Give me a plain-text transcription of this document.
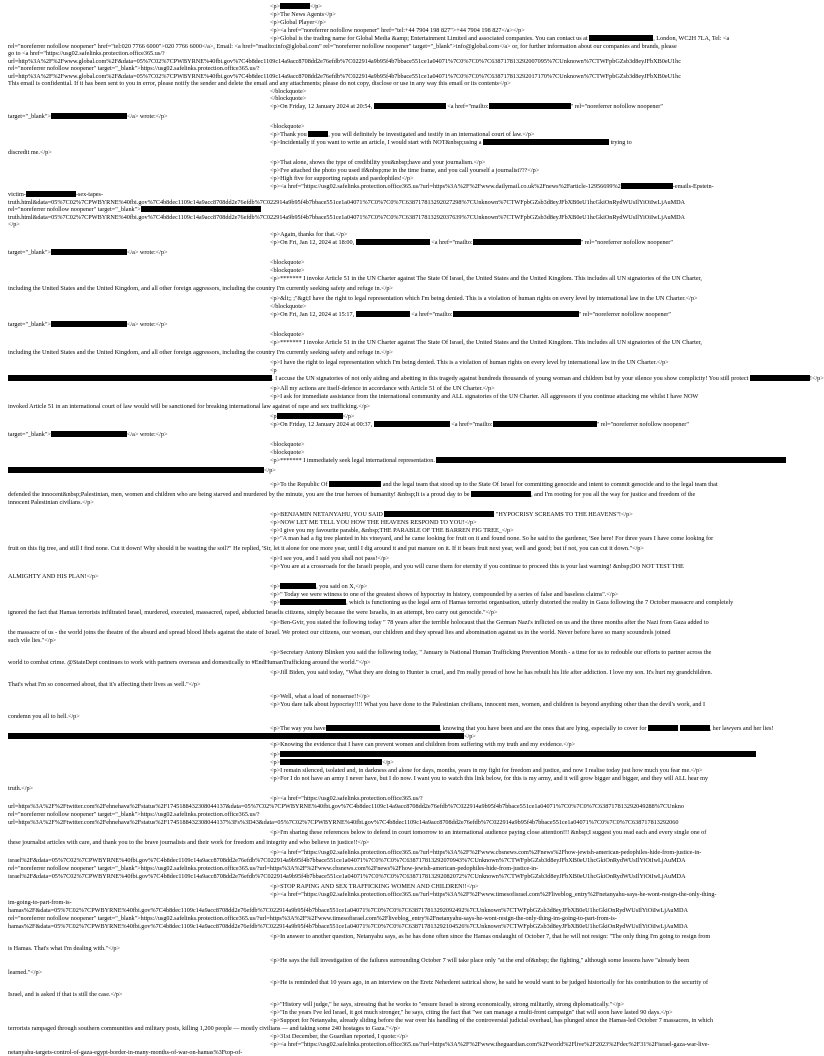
<p>	</p>
<p>The News Agents</p>
<p>Global Player</p>
<p><a href="noreferrer nofollow noopener" href="tel:+44 7904 198 827">+44 7904 198 827</a></p>
<p>Global is the trading name for Global Media &amp; Entertainment Limited and associated companies. You can contact us at	, London, WC2H 7LA, Tel: <a
rel="noreferrer nofollow noopener" href="tel:020 7766 6000">020 7766 6000</a>, Email: <a href="mailto:info@global.com" rel="noreferrer nofollow noopener" target="_blank">info@global.com</a> or, for further information about our companies and brands, please
go to <a href="https://usg02.safelinks.protection.office365.us/?
url=http%3A%2F%2Fwww.global.com%2F&data=05%7C02%7CPWBYRNE%40fbi.gov%7C4b8dec1109c14a9acc8708dd2e76efdb%7C022914a9b95f4b7bbace551ce1a04071%7C0%7C0%7C638717813292007095%7CUnknown%7CTWFpbGZsb3d8eyJFbXB0eU1hc
rel="noreferrer nofollow noopener" target="_blank">https://usg02.safelinks.protection.office365.us/?
url=http%3A%2F%2Fwww.global.com%2F&data=05%7C02%7CPWBYRNE%40fbi.gov%7C4b8dec1109c14a9acc8708dd2e76efdb%7C022914a9b95f4b7bbace551ce1a04071%7C0%7C0%7C638717813292017170%7CUnknown%7CTWFpbGZsb3d8eyJFbXB0eU1hc
This email is confidential. If it has been sent to you in error, please notify the sender and delete the email and any attachments; please do not copy, disclose or use in any way this email or its contents</p>
</blockquote>
</blockquote>
<p>On Friday, 12 January 2024 at 20:54,	<a href="mailto:	" rel="noreferrer nofollow noopener"
target="_blank">	</a> wrote:</p>
<blockquote>
<p>Thank you	, you will definitely be investigated and testify in an international court of law.</p>
<p>Incidentally if you want to write an article, I would start with NOT&nbsp;using a	trying to
discredit me.</p>
<p>That alone, shows the type of credibility you&nbsp;have and your journalism.</p>
<p>I've attached the photo you used if&nbsp;me in the time frame, and you call yourself a journalist???</p>
<p>High five for supporting rapists and paedophiles!</p>
<p><a href="https://usg02.safelinks.protection.office365.us/?url=https%3A%2F%2Fwww.dailymail.co.uk%2Fnews%2Farticle-12956699%2	-emails-Epstein-
victim-	-sex-tapes-
truth.html&data=05%7C02%7CPWBYRNE%40fbi.gov%7C4b8dec1109c14a9acc8708dd2e76efdb%7C022914a9b95f4b7bbace551ce1a04071%7C0%7C0%7C638717813292027298%7CUnknown%7CTWFpbGZsb3d8eyJFbXB0eU1hcGkiOnRydWUsIlYiOiIwLjAuMDA
rel="noreferrer nofollow noopener" target="_blank">
truth.html&data=05%7C02%7CPWBYRNE%40fbi.gov%7C4b8dec1109c14a9acc8708dd2e76efdb%7C022914a9b95f4b7bbace551ce1a04071%7C0%7C0%7C638717813292037639%7CUnknown%7CTWFpbGZsb3d8eyJFbXB0eU1hcGkiOnRydWUsIlYiOiIwLjAuMDA
</p>
<p>Again, thanks for that.</p>
<p>On Fri, Jan 12, 2024 at 18:00,	<a href="mailto:	" rel="noreferrer nofollow noopener"
target="_blank">	</a> wrote:</p>
<blockquote>
<blockquote>
<p>******* I invoke Article 51 in the UN Charter against The State Of Israel, the United States and the United Kingdom. This includes all UN signatories of the UN Charter,
including the United States and the United Kingdom, and all other foreign aggressors, including the country I'm currently seeking safety and refuge in.</p>
<p>&lt;; ;"&gt;I have the right to legal representation which I'm being denied. This is a violation of human rights on every level by international law in the UN Charter.</p>
</blockquote>
<p>On Fri, Jan 12, 2024 at 15:17,	<a href="mailto:	" rel="noreferrer nofollow noopener"
target="_blank">	</a> wrote:</p>
<blockquote>
<p>******* I invoke Article 51 in the UN Charter against The State Of Israel, the United States and the United Kingdom. This includes all UN signatories of the UN Charter,
including the United States and the United Kingdom, and all other foreign aggressors, including the country I'm currently seeking safety and refuge in.</p>
<p>I have the right to legal representation which I'm being denied. This is a violation of human rights on every level by international law in the UN Charter.</p>
<p
. I accuse the UN signatories of not only aiding and abetting in this tragedy against hundreds thousands of young woman and children but by your silence you show complicity! You still protect	!</p>
<p>All my actions are itself-defence in accordance with Article 51 of the UN Charter.</p>
<p>I ask for immediate assistance from the international community and ALL signatories of the UN Charter. All aggressors if you continue attacking me whilst I have NOW
invoked Article 51 in an international court of law would will be sanctioned for breaking international law against of rape and sex trafficking.</p>
<p	</p>
<p>On Friday, 12 January 2024 at 00:37,	<a href="mailto:	" rel="noreferrer nofollow noopener"
target="_blank">	</a> wrote:</p>
<blockquote>
<blockquote>
<p>******* I immediately seek legal international representation.
</p>
<p>To the Republic Of	and the legal team that stood up to the State Of Israel for committing genocide and intent to commit genocide and to the legal team that
defended the innocent&nbsp;Palestinian, men, women and children who are being starved and murdered by the minute, you are the true heroes of humanity! &nbsp;It is a proud day to be	, and I'm rooting for you all the way for justice and freedom of the
innocent Palestinian civilians.</p>
<p>BENJAMIN NETANYAHU, YOU SAID	"HYPOCRISY SCREAMS TO THE HEAVENS"!</p>
<p>NOW LET ME TELL YOU HOW THE HEAVENS RESPOND TO YOU!</p>
<p>I give you my favourite parable, &nbsp;THE PARABLE OF THE BARREN FIG TREE_</p>
<p>"A man had a fig tree planted in his vineyard, and he came looking for fruit on it and found none. So he said to the gardener, 'See here! For three years I have come looking for
fruit on this fig tree, and still I find none. Cut it down! Why should it be wasting the soil?" He replied, 'Sir, let it alone for one more year, until I dig around it and put manure on it. If it bears fruit next year, well and good; but if not, you can cut it down."</p>
<p>I see you, and I said you shall not pass!</p>
<p>You are at a crossroads for the Israeli people, and you will curse them for eternity if you continue to proceed this is your last warning! &nbsp;DO NOT TEST THE
ALMIGHTY AND HIS PLAN!</p>
<p>	, you said on X,</p>
<p>" Today we were witness to one of the greatest shows of hypocrisy in history, compounded by a series of false and baseless claims".</p>
<p>	, which is functioning as the legal arm of Hamas terrorist organisation, utterly distorted the reality in Gaza following the 7 October massacre and completely
ignored the fact that Hamas terrorists infiltrated Israel, murdered, executed, massacred, raped, abducted Israelis citizens, simply because the were Israelis, in an attempt, bro carry out genocide."</p>
<p>Ben-Gvir, you stated the following today " 78 years after the terrible holocaust that the German Nazi's inflicted on us and the three months after the Nazi from Gaza added to
the massacre of us - the world joins the theatre of the absurd and spread blood libels against the state of Israel. We protect our citizens, our woman, our children and they spread lies and abomination against us in the world. Never before have so many scoundrels joined
such vile lies."</p>
<p>Secretary Antony Blinken you said the following today, " January is National Human Trafficking Prevention Month - a time for us to redouble our efforts to partner across the
world to combat crime. @StateDept continues to work with partners overseas and domestically to #EndHumanTrafficking around the world."</p>
<p>Jill Biden, you said today, "What they are doing to Hunter is cruel, and I'm really proud of how he has rebuilt his life after addiction. I love my son. It's hurt my grandchildren.
That's what I'm so concerned about, that it's affecting their lives as well."</p>
<p>Well, what a load of nonsense!!</p>
<p>You dare talk about hypocrisy!!!! What you have done to the Palestinian civilians, innocent men, women, and children is beyond anything other than the devil's work, and I
condemn you all to hell.</p>
<p>The way you have	, knowing that you have been and are the ones that are lying, especially to cover for	, her lawyers and her lies!
</p>
<p>Knowing the evidence that I have can prevent women and children from suffering with my truth and my evidence.</p>
<p>
<p>	</p>
<p>I remain silenced, isolated and, in darkness and alone for days, months, years in my fight for freedom and justice, and now I realise today just how much you fear me.</p>
<p>For I do not have an army I never have, but I do now. I want you to watch this link below, for this is my army, and it will grow bigger and bigger, and they will ALL hear my
truth.</p>
<p><a href="https://usg02.safelinks.protection.office365.us/?
url=https%3A%2F%2Ftwitter.com%2Fehnehava%2Fstatus%2F1745188432308044137&data=05%7C02%7CPWBYRNE%40fbi.gov%7C4b8dec1109c14a9acc8708dd2e76efdb%7C022914a9b95f4b7bbace551ce1a04071%7C0%7C0%7C638717813292049288%7CUnkno
rel="noreferrer nofollow noopener" target="_blank">https://usg02.safelinks.protection.office365.us/?
url=https%3A%2F%2Ftwitter.com%2Fehnehava%2Fstatus%2F1745188432308044137%3Fs%3D43&data=05%7C02%7CPWBYRNE%40fbi.gov%7C4b8dec1109c14a9acc8708dd2e76efdb%7C022914a9b95f4b7bbace551ce1a04071%7C0%7C0%7C638717813292060
<p>I'm sharing these references below to defend in court tomorrow to an international audience paying close attention!!! &nbsp;I suggest you read each and every single one of
these journalist articles with care, and thank you to the brave journalists and their work for freedom and integrity and who believe in justice!!</p>
<p><a href="https://usg02.safelinks.protection.office365.us/?url=https%3A%2F%2Fwww.cbsnews.com%2Fnews%2Fhow-jewish-american-pedophiles-hide-from-justice-in-
israel%2F&data=05%7C02%7CPWBYRNE%40fbi.gov%7C4b8dec1109c14a9acc8708dd2e76efdb%7C022914a9b95f4b7bbace551ce1a04071%7C0%7C0%7C638717813292070943%7CUnknown%7CTWFpbGZsb3d8eyJFbXB0eU1hcGkiOnRydWUsIlYiOiIwLjAuMDA
rel="noreferrer nofollow noopener" target="_blank">https://usg02.safelinks.protection.office365.us/?url=https%3A%2F%2Fwww.cbsnews.com%2Fnews%2Fhow-jewish-american-pedophiles-hide-from-justice-in-
israel%2F&data=05%7C02%7CPWBYRNE%40fbi.gov%7C4b8dec1109c14a9acc8708dd2e76efdb%7C022914a9b95f4b7bbace551ce1a04071%7C0%7C0%7C638717813292082072%7CUnknown%7CTWFpbGZsb3d8eyJFbXB0eU1hcGkiOnRydWUsIlYiOiIwLjAuMDA
<p>STOP RAPING AND SEX TRAFFICKING WOMEN AND CHILDREN!!</p>
<p><a href="https://usg02.safelinks.protection.office365.us/?url=https%3A%2F%2Fwww.timesofisrael.com%2Fliveblog_entry%2Fnetanyahu-says-he-wont-resign-the-only-thing-
im-going-to-part-from-is-
hamas%2F&data=05%7C02%7CPWBYRNE%40fbi.gov%7C4b8dec1109c14a9acc8708dd2e76efdb%7C022914a9b95f4b7bbace551ce1a04071%7C0%7C0%7C638717813292092492%7CUnknown%7CTWFpbGZsb3d8eyJFbXB0eU1hcGkiOnRydWUsIlYiOiIwLjAuMDA
rel="noreferrer nofollow noopener" target="_blank">https://usg02.safelinks.protection.office365.us/?url=https%3A%2F%2Fwww.timesofisrael.com%2Fliveblog_entry%2Fnetanyahu-says-he-wont-resign-the-only-thing-im-going-to-part-from-is-
hamas%2F&data=05%7C02%7CPWBYRNE%40fbi.gov%7C4b8dec1109c14a9acc8708dd2e76efdb%7C022914a9b95f4b7bbace551ce1a04071%7C0%7C0%7C638717813292104526%7CUnknown%7CTWFpbGZsb3d8eyJFbXB0eU1hcGkiOnRydWUsIlYiOiIwLjAuMDA
<p>In answer to another question, Netanyahu says, as he has done often since the Hamas onslaught of October 7, that he will not resign: "The only thing I'm going to resign from
is Hamas. That's what I'm dealing with."</p>
<p>He says the full investigation of the failures surrounding October 7 will take place only "at the end of&nbsp; the fighting," although some lessons have "already been
learned."</p>
<p>He is reminded that 10 years ago, in an interview on the Eretz Nehederet satirical show, he said he would want to be judged historically for his contribution to the security of
Israel, and is asked if that is still the case.</p>
<p>"History will judge," he says, stressing that he works to "ensure Israel is strong economically, strong militarily, strong diplomatically."</p>
<p>"In the years I've led Israel, it got much stronger," he says, citing the fact that "we can manage a multi-front campaign" that will soon have lasted 90 days.</p>
<p>Support for Netanyahu, already sliding before the war over his handling of the controversial judicial overhaul, has plunged since the Hamas-led October 7 massacres, in which
terrorists rampaged through southern communities and military posts, killing 1,200 people — mostly civilians — and taking some 240 hostages to Gaza."</p>
<p>31st December, the Guardian reported, I quote:</p>
<p><a href="https://usg02.safelinks.protection.office365.us/?url=https%3A%2F%2Fwww.theguardian.com%2Fworld%2Flive%2F2023%2Fdec%2F31%2Fisrael-gaza-war-live-
netanyahu-targets-control-of-gaza-egypt-border-in-many-months-of-war-on-hamas%3Ftop-of-
